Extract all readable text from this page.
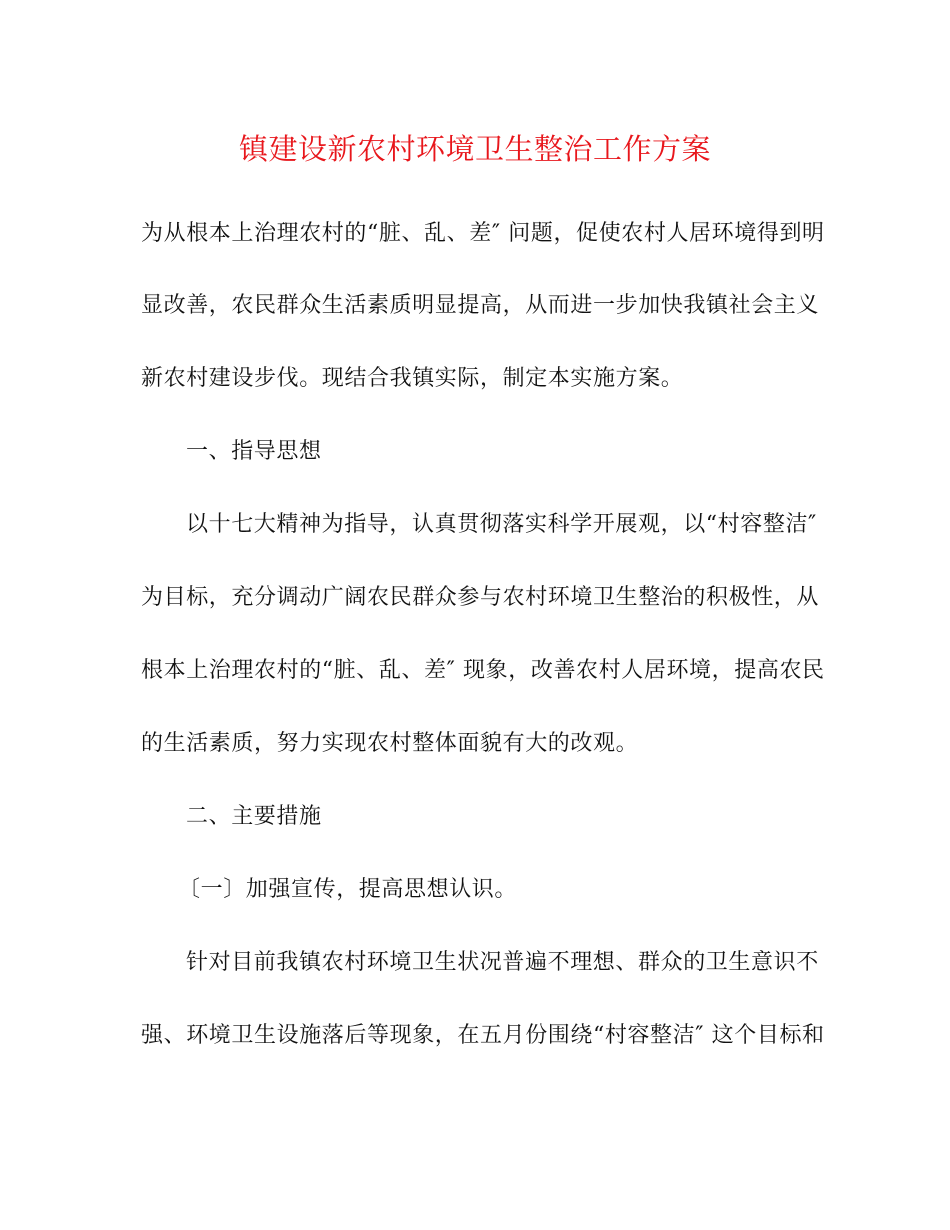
镇建设新农村环境卫生整治工作方案
为从根本上治理农村的“脏、乱、差″ 问题，促使农村人居环境得到明
显改善，农民群众生活素质明显提高，从而进一步加快我镇社会主义
新农村建设步伐。现结合我镇实际，制定本实施方案。
一、指导思想
以十七大精神为指导，认真贯彻落实科学开展观，以“村容整洁″
为目标，充分调动广阔农民群众参与农村环境卫生整治的积极性，从
根本上治理农村的“脏、乱、差″ 现象，改善农村人居环境，提高农民
的生活素质，努力实现农村整体面貌有大的改观。
二、主要措施
〔一〕加强宣传，提高思想认识。
针对目前我镇农村环境卫生状况普遍不理想、群众的卫生意识不
强、环境卫生设施落后等现象，在五月份围绕“村容整洁″ 这个目标和
